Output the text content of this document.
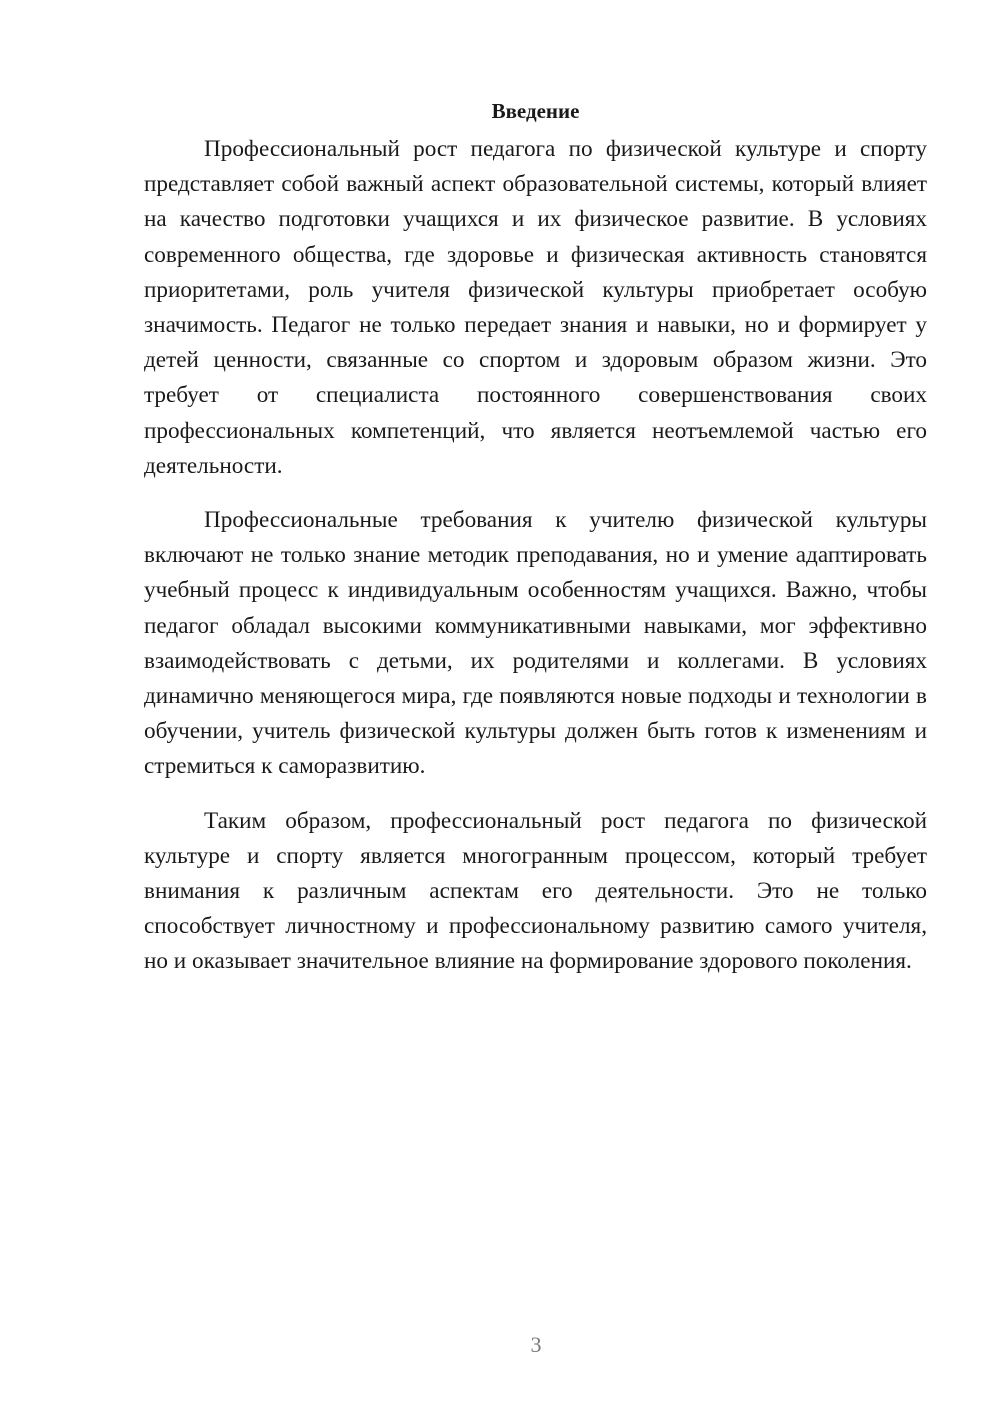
Введение

Профессиональный рост педагога по физической культуре и спорту представляет собой важный аспект образовательной системы, который влияет на качество подготовки учащихся и их физическое развитие. В условиях современного общества, где здоровье и физическая активность становятся приоритетами, роль учителя физической культуры приобретает особую значимость. Педагог не только передает знания и навыки, но и формирует у детей ценности, связанные со спортом и здоровым образом жизни. Это требует от специалиста постоянного совершенствования своих профессиональных компетенций, что является неотъемлемой частью его деятельности.

Профессиональные требования к учителю физической культуры включают не только знание методик преподавания, но и умение адаптировать учебный процесс к индивидуальным особенностям учащихся. Важно, чтобы педагог обладал высокими коммуникативными навыками, мог эффективно взаимодействовать с детьми, их родителями и коллегами. В условиях динамично меняющегося мира, где появляются новые подходы и технологии в обучении, учитель физической культуры должен быть готов к изменениям и стремиться к саморазвитию.

Таким образом, профессиональный рост педагога по физической культуре и спорту является многогранным процессом, который требует внимания к различным аспектам его деятельности. Это не только способствует личностному и профессиональному развитию самого учителя, но и оказывает значительное влияние на формирование здорового поколения.

3
